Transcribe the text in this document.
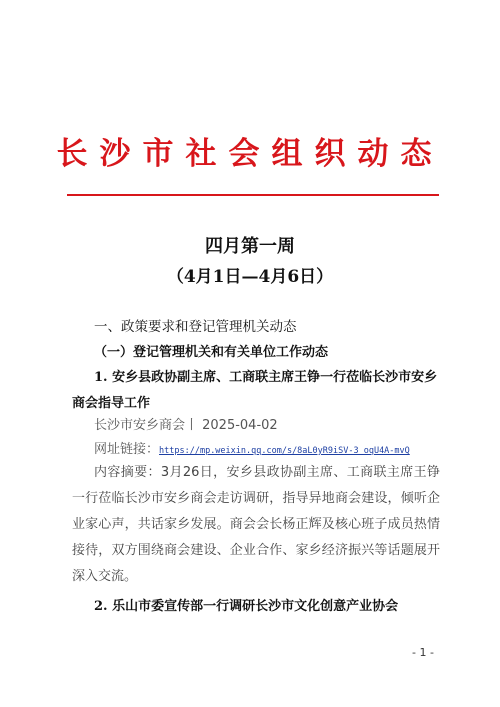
长沙市社会组织动态
四月第一周
（4月1日—4月6日）
一、政策要求和登记管理机关动态
（一）登记管理机关和有关单位工作动态
1. 安乡县政协副主席、工商联主席王铮一行莅临长沙市安乡商会指导工作
长沙市安乡商会丨 2025-04-02
网址链接：https://mp.weixin.qq.com/s/8aL0yR9iSV-3_oqU4A-mvQ
内容摘要：3月26日，安乡县政协副主席、工商联主席王铮一行莅临长沙市安乡商会走访调研，指导异地商会建设，倾听企业家心声，共话家乡发展。商会会长杨正辉及核心班子成员热情接待，双方围绕商会建设、企业合作、家乡经济振兴等话题展开深入交流。
2. 乐山市委宣传部一行调研长沙市文化创意产业协会
- 1 -
